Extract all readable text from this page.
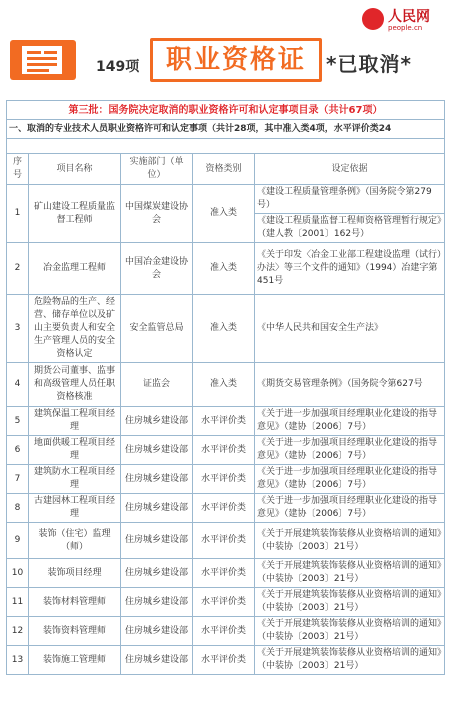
149项	职业资格证	*已取消*
人民网
people.cn
第三批：国务院决定取消的职业资格许可和认定事项目录（共计67项）				
一、取消的专业技术人员职业资格许可和认定事项（共计28项，其中准入类4项，水平评价类24				

序号	项目名称	实施部门（单位）	资格类别	设定依据
1	矿山建设工程质量监督工程师	中国煤炭建设协会	准入类	《建设工程质量管理条例》（国务院令第279号）
				《建设工程质量监督工程师资格管理暂行规定》（建人教〔2001〕162号）
2	冶金监理工程师	中国冶金建设协会	准入类	《关于印发〈冶金工业部工程建设监理（试行）办法〉等三个文件的通知》（1994）冶建字第451号
3	危险物品的生产、经营、储存单位以及矿山主要负责人和安全生产管理人员的安全资格认定	安全监管总局	准入类	《中华人民共和国安全生产法》
4	期货公司董事、监事和高级管理人员任职资格核准	证监会	准入类	《期货交易管理条例》（国务院令第627号
5	建筑保温工程项目经理	住房城乡建设部	水平评价类	《关于进一步加强项目经理职业化建设的指导意见》（建协〔2006〕7号）
6	地面供暖工程项目经理	住房城乡建设部	水平评价类	《关于进一步加强项目经理职业化建设的指导意见》（建协〔2006〕7号）
7	建筑防水工程项目经理	住房城乡建设部	水平评价类	《关于进一步加强项目经理职业化建设的指导意见》（建协〔2006〕7号）
8	古建园林工程项目经理	住房城乡建设部	水平评价类	《关于进一步加强项目经理职业化建设的指导意见》（建协〔2006〕7号）
9	装饰（住宅）监理（师）	住房城乡建设部	水平评价类	《关于开展建筑装饰装修从业资格培训的通知》（中装协〔2003〕21号）
10	装饰项目经理	住房城乡建设部	水平评价类	《关于开展建筑装饰装修从业资格培训的通知》（中装协〔2003〕21号）
11	装饰材料管理师	住房城乡建设部	水平评价类	《关于开展建筑装饰装修从业资格培训的通知》（中装协〔2003〕21号）
12	装饰资料管理师	住房城乡建设部	水平评价类	《关于开展建筑装饰装修从业资格培训的通知》（中装协〔2003〕21号）
13	装饰施工管理师	住房城乡建设部	水平评价类	《关于开展建筑装饰装修从业资格培训的通知》（中装协〔2003〕21号）
